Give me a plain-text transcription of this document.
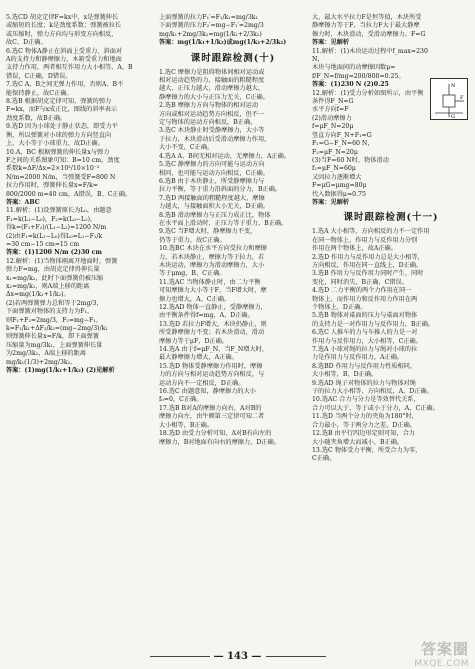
5.选CD 胡克定律F=kx中，x是弹簧伸长

或缩短的长度；k是劲度系数；弹簧被拉长

或压缩时，弹力方向均与形变方向相反，

故C、D正确。

6.选C 物体A静止在斜面上受重力、斜面对

A的支持力和静摩擦力，木箱受重力和地面

支持力作用，两者相互作用力大小相等，A、B

错误，C正确，D错误。

7.选C A、B之间无弹力作用，否则A、B不

能保持静止，故C正确。

8.选B 根据胡克定律可知，弹簧的弹力

F=kx，而F与x成正比，图线的斜率表示

劲度系数，故B正确。

9.选D 因为小球处于静止状态，即受力平

衡，所以弹簧对小球的弹力方向竖直向

上，大小等于小球重力，故D正确。

10.A、BC 根据弹簧的伸长量x与弹力

F之间的关系图象可知：B=10 cm，劲度

系数k=ΔF/Δx=2×10²/10×10⁻²

N/m=2000 N/m，当弹簧受F=800 N

拉力作用时，弹簧伸长量x=F/k=

800/2000 m=40 cm，A错误，B、C正确。

答案：ABC

11.解析：(1)设弹簧原长为L₀，由题意

F₁=k(L₁−L₀)，F₂=k(L₀−L₂)，

得k=(F₁+F₂)/(L₁−L₂)=1200 N/m

(2)由F₁=k(L₁−L₀)得L₀=L₁−F₁/k

=30 cm−15 cm=15 cm

答案：(1)1200 N/m (2)30 cm

12.解析：(1)当物体刚离开地面时，弹簧

弹力F=mg，由胡克定律得伸长量

x₁=mg/k₂，此时下面弹簧仍被压缩

x₂=mg/k₁，则A端上移的距离

Δx=mg(1/k₁+1/k₂)。

(2)若两弹簧弹力总和等于2mg/3，

下面弹簧对物体的支持力为F₁，

则F₁+F₂=2mg/3，F₂=mg−F₁，

k=F₁/k₁+ΔF₂/k₂=(mg−2mg/3)/k₁

则弹簧伸长量x=F/k，即下面弹簧

压缩量为mg/3k₁，上面弹簧伸长量

为2mg/3k₂，A端上移的距离

mg/k₁(1/3)+2mg/3k₂。

答案：(1)mg(1/k₁+1/k₂) (2)见解析

上面弹簧的拉力F₁′=F₁/k₁=mg/3k₁

下面弹簧的压力F₂′=mg−F₁′=2mg/3

mg/k₁+2mg/3k₂=mg(1/k₁+2/3k₂)

答案：mg(1/k₁+1/k₂)或mg(1/k₁+2/3k₂)

课时跟踪检测(十)

1.选C 摩擦力是阻碍物体间相对运动或

相对运动趋势的力，接触面的粗糙程度

越大，正压力越大，滑动摩擦力越大，

静摩擦力的大小与正压力无关，C正确。

2.选B 摩擦力方向与物体的相对运动

方向或相对运动趋势方向相反，但不一

定与物体的运动方向相反，B正确。

3.选C 木块静止时受静摩擦力，大小等

于拉力，木块滑动后受滑动摩擦力作用，

大小不变，C正确。

4.选A A、B间无相对运动，无摩擦力，A正确。

5.选C 静摩擦力的方向可能与运动方向

相同，也可能与运动方向相反，C正确。

6.选B 由于木块静止，所受静摩擦力与

拉力平衡，等于重力沿斜面的分力，B正确。

7.选D 两接触面的粗糙程度越大，摩擦

力越大，与接触面积大小无关，D正确。

8.选B 滑动摩擦力与正压力成正比，物体

在水平面上滑动时，正压力等于重力，B正确。

9.选C 当F增大时，静摩擦力不变，

仍等于重力，故C正确。

10.选BC 木块在水平方向受拉力和摩擦

力，若木块静止，摩擦力等于拉力，若

木块运动，摩擦力为滑动摩擦力，大小

等于μmg，B、C正确。

11.选AC 当物体静止时，由二力平衡

可知摩擦力大小等于F，当F增大时，摩

擦力也增大，A、C正确。

12.选AD 物体一直静止，受静摩擦力，

由平衡条件得f=mg，A、D正确。

13.选D 若拉力F增大，木块仍静止，则

所受静摩擦力不变；若木块滑动，滑动

摩擦力等于μF，D正确。

14.选A 由于f=μF_N，当F_N增大时，

最大静摩擦力增大，A正确。

15.选D 物体受静摩擦力作用时，摩擦

力的方向与相对运动趋势方向相反，与

运动方向不一定相反，D正确。

16.选C 由题意知，静摩擦力的大小

f₀=0，C正确。

17.选B B对A的摩擦力向右，A对B的

摩擦力向左，由牛顿第三定律可知二者

大小相等，B正确。

18.选D 由受力分析可知，A对B有向左的

摩擦力，B对地面有向右的摩擦力，D正确。

大，最大水平拉力F是恒等值，木块所受

静摩擦力等于F，当拉力F大于最大静摩

擦力时，木块滑动，受滑动摩擦力。F=G

答案：见解析

11.解析：(1)木块运动过程中f_max=230 N，

木块与地面间的动摩擦因数μ=

f/F_N=f/mg=200/800=0.25。

答案：(1)230 N (2)0.25

12.解析：(1)受力分析如图所示，由平衡

条件得F_N=G

水平方向f=F

(2)滑动摩擦力

f=μF_N=20μ

竖直方向F_N+F₁=G

F₁=G−F_N=60 N，

F₂=μF_N=20μ

(3)当F=60 N时，物体滑动

f₂=μF_N=60μ

又因拉力逐渐增大

F=μG=μmg=80μ

代入数据得μ=0.75

答案：见解析

N
F
G
课时跟踪检测(十一)

1.选A 大小相等、方向相反的力不一定作用

在同一物体上，作用力与反作用力分别

作用在两个物体上，故A正确。

2.选D 作用力与反作用力总是大小相等，

方向相反，作用在同一直线上，D正确。

3.选B 作用力与反作用力同时产生，同时

变化，同时消失，B正确，C错误。

4.选D 二力平衡的两个力作用在同一

物体上，而作用力和反作用力作用在两

个物体上，D正确。

5.选B 物体对桌面的压力与桌面对物体

的支持力是一对作用力与反作用力，B正确。

6.选C 人推车的力与车推人的力是一对

作用力与反作用力，大小相等，C正确。

7.选A 小球对绳的拉力与绳对小球的拉

力是作用力与反作用力，A正确。

8.选BD 作用力与反作用力性质相同，

大小相等，B、D正确。

9.选AD 绳子对物体的拉力与物体对绳

子的拉力大小相等、方向相反，A、D正确。

10.选AC 合力与分力是等效替代关系，

合力可以大于、等于或小于分力，A、C正确。

11.选D 当两个分力的夹角为180°时，

合力最小，等于两分力之差，D正确。

12.选B 由平行四边形定则可知，合力

大小随夹角增大而减小，B正确。

13.选C 物体受力平衡，所受合力为零，

C正确。

— 143 —	答案圈
MXQE.COM
